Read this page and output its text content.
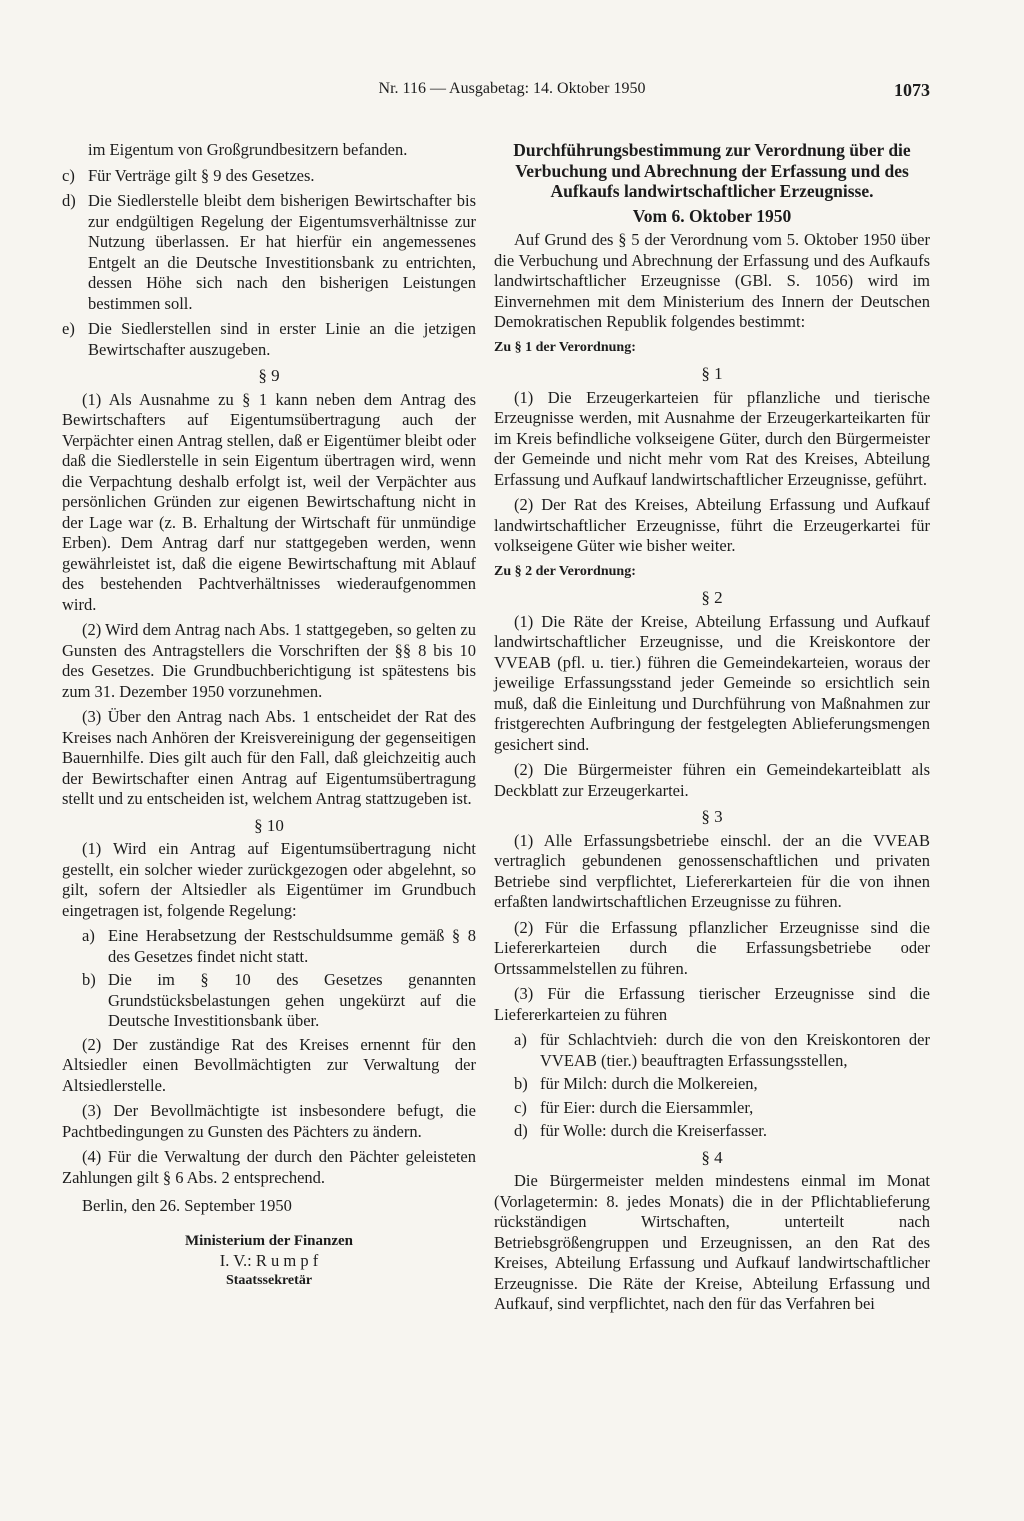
Nr. 116 — Ausgabetag: 14. Oktober 1950	1073
im Eigentum von Großgrundbesitzern befanden.
c) Für Verträge gilt § 9 des Gesetzes.
d) Die Siedlerstelle bleibt dem bisherigen Bewirtschafter bis zur endgültigen Regelung der Eigentumsverhältnisse zur Nutzung überlassen. Er hat hierfür ein angemessenes Entgelt an die Deutsche Investitionsbank zu entrichten, dessen Höhe sich nach den bisherigen Leistungen bestimmen soll.
e) Die Siedlerstellen sind in erster Linie an die jetzigen Bewirtschafter auszugeben.
§ 9

(1) Als Ausnahme zu § 1 kann neben dem Antrag des Bewirtschafters auf Eigentumsübertragung auch der Verpächter einen Antrag stellen, daß er Eigentümer bleibt oder daß die Siedlerstelle in sein Eigentum übertragen wird, wenn die Verpachtung deshalb erfolgt ist, weil der Verpächter aus persönlichen Gründen zur eigenen Bewirtschaftung nicht in der Lage war (z. B. Erhaltung der Wirtschaft für unmündige Erben). Dem Antrag darf nur stattgegeben werden, wenn gewährleistet ist, daß die eigene Bewirtschaftung mit Ablauf des bestehenden Pachtverhältnisses wiederaufgenommen wird.

(2) Wird dem Antrag nach Abs. 1 stattgegeben, so gelten zu Gunsten des Antragstellers die Vorschriften der §§ 8 bis 10 des Gesetzes. Die Grundbuchberichtigung ist spätestens bis zum 31. Dezember 1950 vorzunehmen.

(3) Über den Antrag nach Abs. 1 entscheidet der Rat des Kreises nach Anhören der Kreisvereinigung der gegenseitigen Bauernhilfe. Dies gilt auch für den Fall, daß gleichzeitig auch der Bewirtschafter einen Antrag auf Eigentumsübertragung stellt und zu entscheiden ist, welchem Antrag stattzugeben ist.

§ 10

(1) Wird ein Antrag auf Eigentumsübertragung nicht gestellt, ein solcher wieder zurückgezogen oder abgelehnt, so gilt, sofern der Altsiedler als Eigentümer im Grundbuch eingetragen ist, folgende Regelung:

a) Eine Herabsetzung der Restschuldsumme gemäß § 8 des Gesetzes findet nicht statt.
b) Die im § 10 des Gesetzes genannten Grundstücksbelastungen gehen ungekürzt auf die Deutsche Investitionsbank über.

(2) Der zuständige Rat des Kreises ernennt für den Altsiedler einen Bevollmächtigten zur Verwaltung der Altsiedlerstelle.

(3) Der Bevollmächtigte ist insbesondere befugt, die Pachtbedingungen zu Gunsten des Pächters zu ändern.

(4) Für die Verwaltung der durch den Pächter geleisteten Zahlungen gilt § 6 Abs. 2 entsprechend.

Berlin, den 26. September 1950
Ministerium der Finanzen
I. V.: R u m p f
Staatssekretär
Durchführungsbestimmung zur Verordnung über die Verbuchung und Abrechnung der Erfassung und des Aufkaufs landwirtschaftlicher Erzeugnisse.
Vom 6. Oktober 1950

Auf Grund des § 5 der Verordnung vom 5. Oktober 1950 über die Verbuchung und Abrechnung der Erfassung und des Aufkaufs landwirtschaftlicher Erzeugnisse (GBl. S. 1056) wird im Einvernehmen mit dem Ministerium des Innern der Deutschen Demokratischen Republik folgendes bestimmt:

Zu § 1 der Verordnung:
§ 1

(1) Die Erzeugerkarteien für pflanzliche und tierische Erzeugnisse werden, mit Ausnahme der Erzeugerkarteikarten für im Kreis befindliche volkseigene Güter, durch den Bürgermeister der Gemeinde und nicht mehr vom Rat des Kreises, Abteilung Erfassung und Aufkauf landwirtschaftlicher Erzeugnisse, geführt.

(2) Der Rat des Kreises, Abteilung Erfassung und Aufkauf landwirtschaftlicher Erzeugnisse, führt die Erzeugerkartei für volkseigene Güter wie bisher weiter.

Zu § 2 der Verordnung:
§ 2

(1) Die Räte der Kreise, Abteilung Erfassung und Aufkauf landwirtschaftlicher Erzeugnisse, und die Kreiskontore der VVEAB (pfl. u. tier.) führen die Gemeindekarteien, woraus der jeweilige Erfassungsstand jeder Gemeinde so ersichtlich sein muß, daß die Einleitung und Durchführung von Maßnahmen zur fristgerechten Aufbringung der festgelegten Ablieferungsmengen gesichert sind.

(2) Die Bürgermeister führen ein Gemeindekarteiblatt als Deckblatt zur Erzeugerkartei.

§ 3

(1) Alle Erfassungsbetriebe einschl. der an die VVEAB vertraglich gebundenen genossenschaftlichen und privaten Betriebe sind verpflichtet, Liefererkarteien für die von ihnen erfaßten landwirtschaftlichen Erzeugnisse zu führen.

(2) Für die Erfassung pflanzlicher Erzeugnisse sind die Liefererkarteien durch die Erfassungsbetriebe oder Ortssammelstellen zu führen.

(3) Für die Erfassung tierischer Erzeugnisse sind die Liefererkarteien zu führen

a) für Schlachtvieh: durch die von den Kreiskontoren der VVEAB (tier.) beauftragten Erfassungsstellen,
b) für Milch: durch die Molkereien,
c) für Eier: durch die Eiersammler,
d) für Wolle: durch die Kreiserfasser.
§ 4

Die Bürgermeister melden mindestens einmal im Monat (Vorlagetermin: 8. jedes Monats) die in der Pflichtablieferung rückständigen Wirtschaften, unterteilt nach Betriebsgrößengruppen und Erzeugnissen, an den Rat des Kreises, Abteilung Erfassung und Aufkauf landwirtschaftlicher Erzeugnisse. Die Räte der Kreise, Abteilung Erfassung und Aufkauf, sind verpflichtet, nach den für das Verfahren bei
